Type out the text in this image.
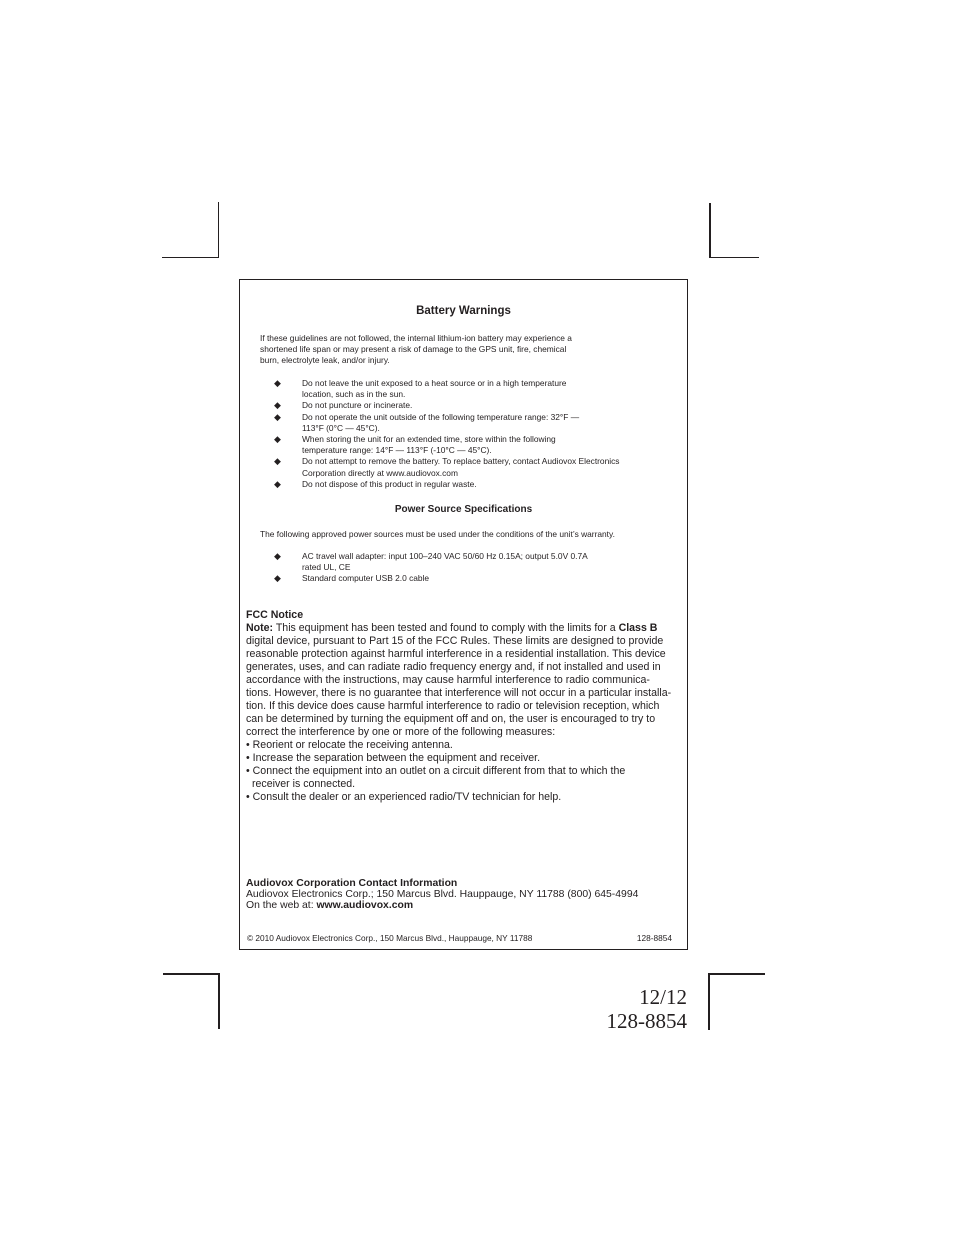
Battery Warnings
If these guidelines are not followed, the internal lithium-ion battery may experience a
shortened life span or may present a risk of damage to the GPS unit, fire, chemical
burn, electrolyte leak, and/or injury.
◆	Do not leave the unit exposed to a heat source or in a high temperature
location, such as in the sun.
◆	Do not puncture or incinerate.
◆	Do not operate the unit outside of the following temperature range: 32°F —
113°F (0°C — 45°C).
◆	When storing the unit for an extended time, store within the following
temperature range: 14°F — 113°F (-10°C — 45°C).
◆	Do not attempt to remove the battery. To replace battery, contact Audiovox Electronics
Corporation directly at www.audiovox.com
◆	Do not dispose of this product in regular waste.
Power Source Specifications
The following approved power sources must be used under the conditions of the unit’s warranty.
◆	AC travel wall adapter: input 100–240 VAC 50/60 Hz 0.15A; output 5.0V 0.7A
rated UL, CE
◆	Standard computer USB 2.0 cable

FCC Notice

Note: This equipment has been tested and found to comply with the limits for a Class B

digital device, pursuant to Part 15 of the FCC Rules. These limits are designed to provide

reasonable protection against harmful interference in a residential installation. This device

generates, uses, and can radiate radio frequency energy and, if not installed and used in

accordance with the instructions, may cause harmful interference to radio communica-

tions. However, there is no guarantee that interference will not occur in a particular installa-

tion. If this device does cause harmful interference to radio or television reception, which

can be determined by turning the equipment off and on, the user is encouraged to try to

correct the interference by one or more of the following measures:

• Reorient or relocate the receiving antenna.

• Increase the separation between the equipment and receiver.

• Connect the equipment into an outlet on a circuit different from that to which the

receiver is connected.

• Consult the dealer or an experienced radio/TV technician for help.

Audiovox Corporation Contact Information

Audiovox Electronics Corp.; 150 Marcus Blvd. Hauppauge, NY 11788 (800) 645-4994

On the web at: www.audiovox.com

© 2010 Audiovox Electronics Corp., 150 Marcus Blvd., Hauppauge, NY 11788	128-8854
12/12
128-8854
